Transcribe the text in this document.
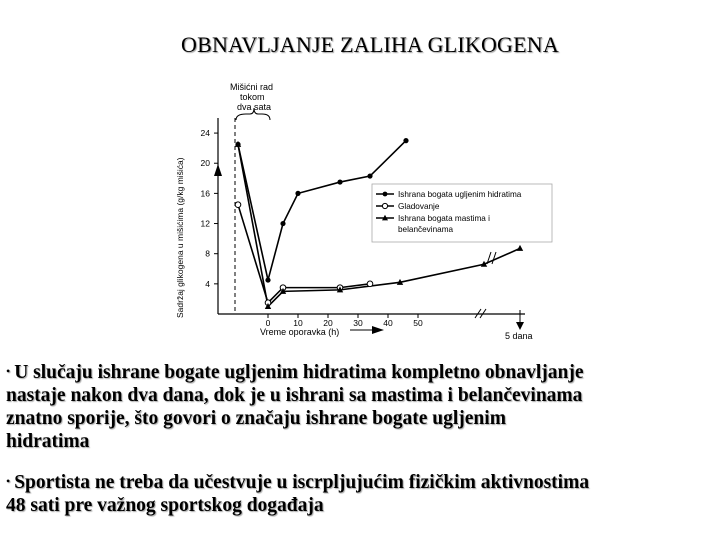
OBNAVLJANJE ZALIHA GLIKOGENA
Mišićni rad
tokom
dva sata
Sadržaj glikogena u mišićima (g/kg mišića)
Vreme oporavka (h)	5 dana
4
8
12
16
20
24
0	10 20 30 40 50
Ishrana bogata ugljenim hidratima
Gladovanje
Ishrana bogata mastima i
belančevinama
• U slučaju ishrane bogate ugljenim hidratima kompletno obnavljanje
nastaje nakon dva dana, dok je u ishrani sa mastima i belančevinama
znatno sporije, što govori o značaju ishrane bogate ugljenim
hidratima
• Sportista ne treba da učestvuje u iscrpljujućim fizičkim aktivnostima
48 sati pre važnog sportskog događaja
